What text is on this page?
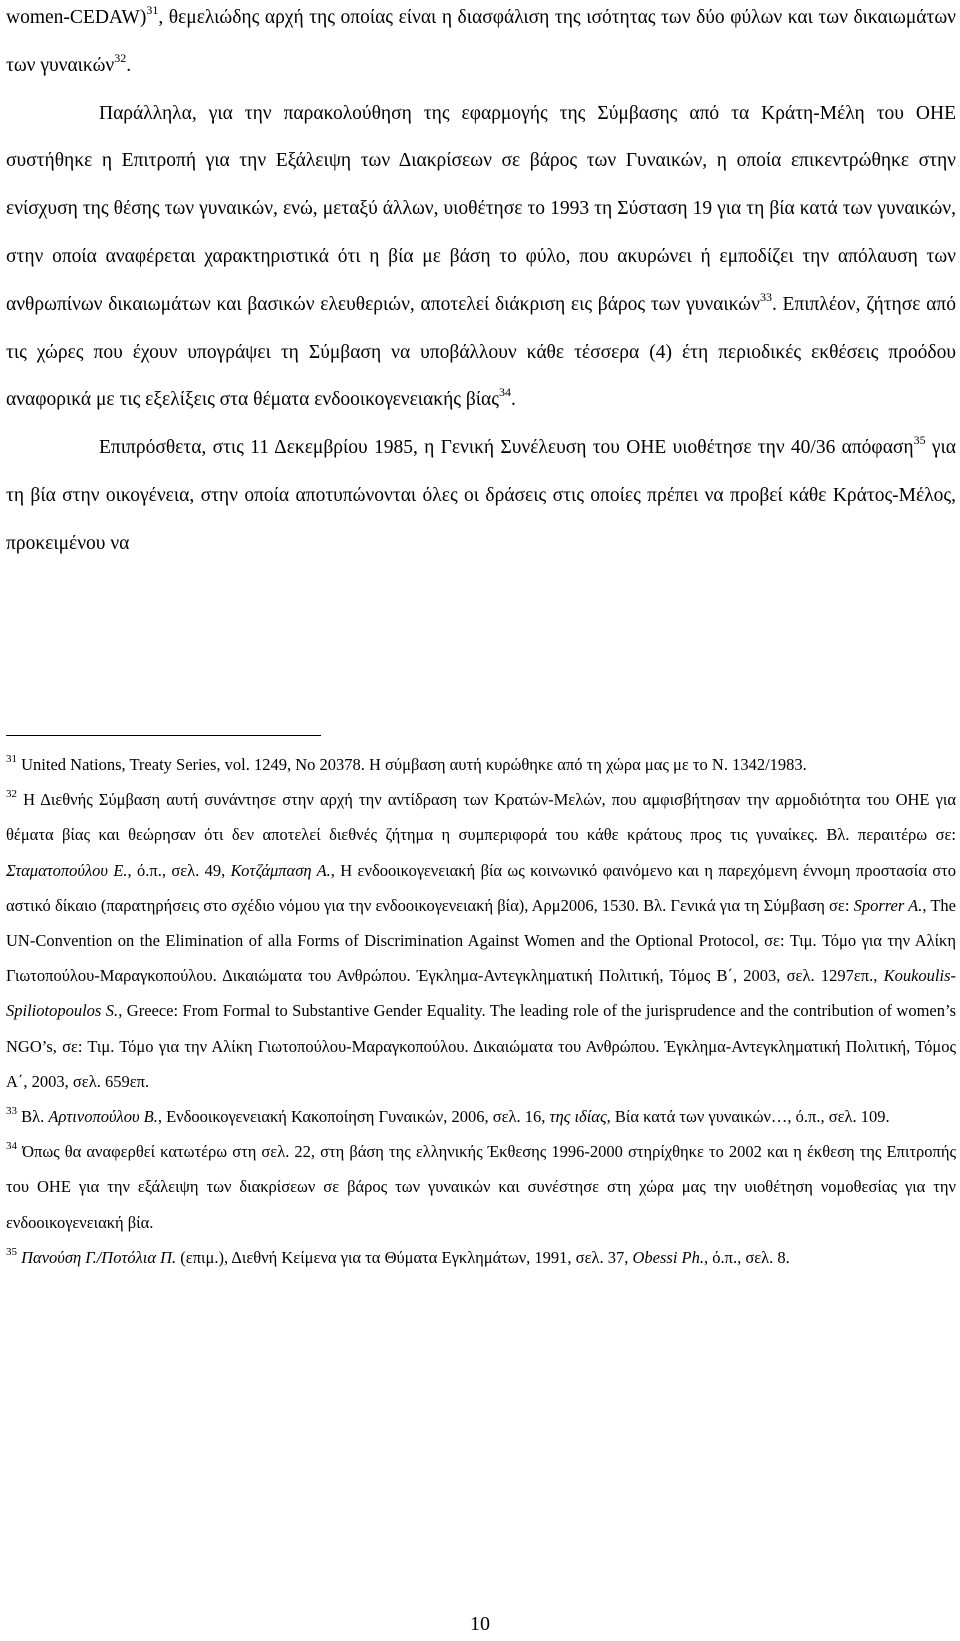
women-CEDAW)$^{31}$, θεμελιώδης αρχή της οποίας είναι η διασφάλιση της ισότητας των δύο φύλων και των δικαιωμάτων των γυναικών$^{32}$.

Παράλληλα, για την παρακολούθηση της εφαρμογής της Σύμβασης από τα Κράτη-Μέλη του ΟΗΕ συστήθηκε η Επιτροπή για την Εξάλειψη των Διακρίσεων σε βάρος των Γυναικών, η οποία επικεντρώθηκε στην ενίσχυση της θέσης των γυναικών, ενώ, μεταξύ άλλων, υιοθέτησε το 1993 τη Σύσταση 19 για τη βία κατά των γυναικών, στην οποία αναφέρεται χαρακτηριστικά ότι η βία με βάση το φύλο, που ακυρώνει ή εμποδίζει την απόλαυση των ανθρωπίνων δικαιωμάτων και βασικών ελευθεριών, αποτελεί διάκριση εις βάρος των γυναικών$^{33}$. Επιπλέον, ζήτησε από τις χώρες που έχουν υπογράψει τη Σύμβαση να υποβάλλουν κάθε τέσσερα (4) έτη περιοδικές εκθέσεις προόδου αναφορικά με τις εξελίξεις στα θέματα ενδοοικογενειακής βίας$^{34}$.

Επιπρόσθετα, στις 11 Δεκεμβρίου 1985, η Γενική Συνέλευση του ΟΗΕ υιοθέτησε την 40/36 απόφαση$^{35}$ για τη βία στην οικογένεια, στην οποία αποτυπώνονται όλες οι δράσεις στις οποίες πρέπει να προβεί κάθε Κράτος-Μέλος, προκειμένου να

$^{31}$ United Nations, Treaty Series, vol. 1249, No 20378. Η σύμβαση αυτή κυρώθηκε από τη χώρα μας με το Ν. 1342/1983.

$^{32}$ Η Διεθνής Σύμβαση αυτή συνάντησε στην αρχή την αντίδραση των Κρατών-Μελών, που αμφισβήτησαν την αρμοδιότητα του ΟΗΕ για θέματα βίας και θεώρησαν ότι δεν αποτελεί διεθνές ζήτημα η συμπεριφορά του κάθε κράτους προς τις γυναίκες. Βλ. περαιτέρω σε: Σταματοπούλου Ε., ό.π., σελ. 49, Κοτζάμπαση Α., Η ενδοοικογενειακή βία ως κοινωνικό φαινόμενο και η παρεχόμενη έννομη προστασία στο αστικό δίκαιο (παρατηρήσεις στο σχέδιο νόμου για την ενδοοικογενειακή βία), Αρμ2006, 1530. Βλ. Γενικά για τη Σύμβαση σε: Sporrer A., The UN-Convention on the Elimination of alla Forms of Discrimination Against Women and the Optional Protocol, σε: Τιμ. Τόμο για την Αλίκη Γιωτοπούλου-Μαραγκοπούλου. Δικαιώματα του Ανθρώπου. Έγκλημα-Αντεγκληματική Πολιτική, Τόμος Β΄, 2003, σελ. 1297επ., Koukoulis-Spiliotopoulos S., Greece: From Formal to Substantive Gender Equality. The leading role of the jurisprudence and the contribution of women’s NGO’s, σε: Τιμ. Τόμο για την Αλίκη Γιωτοπούλου-Μαραγκοπούλου. Δικαιώματα του Ανθρώπου. Έγκλημα-Αντεγκληματική Πολιτική, Τόμος Α΄, 2003, σελ. 659επ.

$^{33}$ Βλ. Αρτινοπούλου Β., Ενδοοικογενειακή Κακοποίηση Γυναικών, 2006, σελ. 16, της ιδίας, Βία κατά των γυναικών…, ό.π., σελ. 109.

$^{34}$ Όπως θα αναφερθεί κατωτέρω στη σελ. 22, στη βάση της ελληνικής Έκθεσης 1996-2000 στηρίχθηκε το 2002 και η έκθεση της Επιτροπής του ΟΗΕ για την εξάλειψη των διακρίσεων σε βάρος των γυναικών και συνέστησε στη χώρα μας την υιοθέτηση νομοθεσίας για την ενδοοικογενειακή βία.

$^{35}$ Πανούση Γ./Ποτόλια Π. (επιμ.), Διεθνή Κείμενα για τα Θύματα Εγκλημάτων, 1991, σελ. 37, Obessi Ph., ό.π., σελ. 8.

10
